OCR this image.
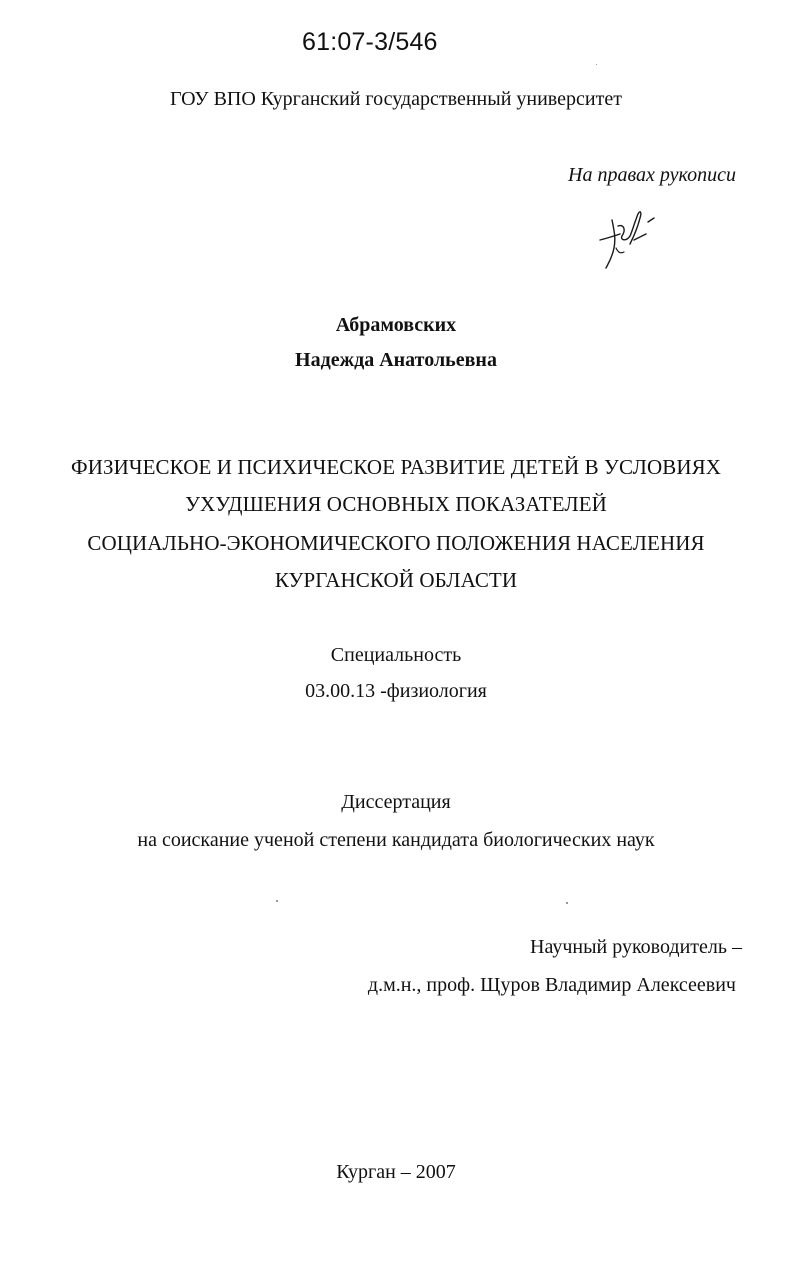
61:07-3/546
ГОУ ВПО Курганский государственный университет
На правах рукописи
Абрамовских
Надежда Анатольевна
ФИЗИЧЕСКОЕ И ПСИХИЧЕСКОЕ РАЗВИТИЕ ДЕТЕЙ В УСЛОВИЯХ
УХУДШЕНИЯ ОСНОВНЫХ ПОКАЗАТЕЛЕЙ
СОЦИАЛЬНО-ЭКОНОМИЧЕСКОГО ПОЛОЖЕНИЯ НАСЕЛЕНИЯ
КУРГАНСКОЙ ОБЛАСТИ
Специальность
03.00.13 -физиология
Диссертация
на соискание ученой степени кандидата биологических наук
Научный руководитель –
д.м.н., проф. Щуров Владимир Алексеевич
Курган – 2007
